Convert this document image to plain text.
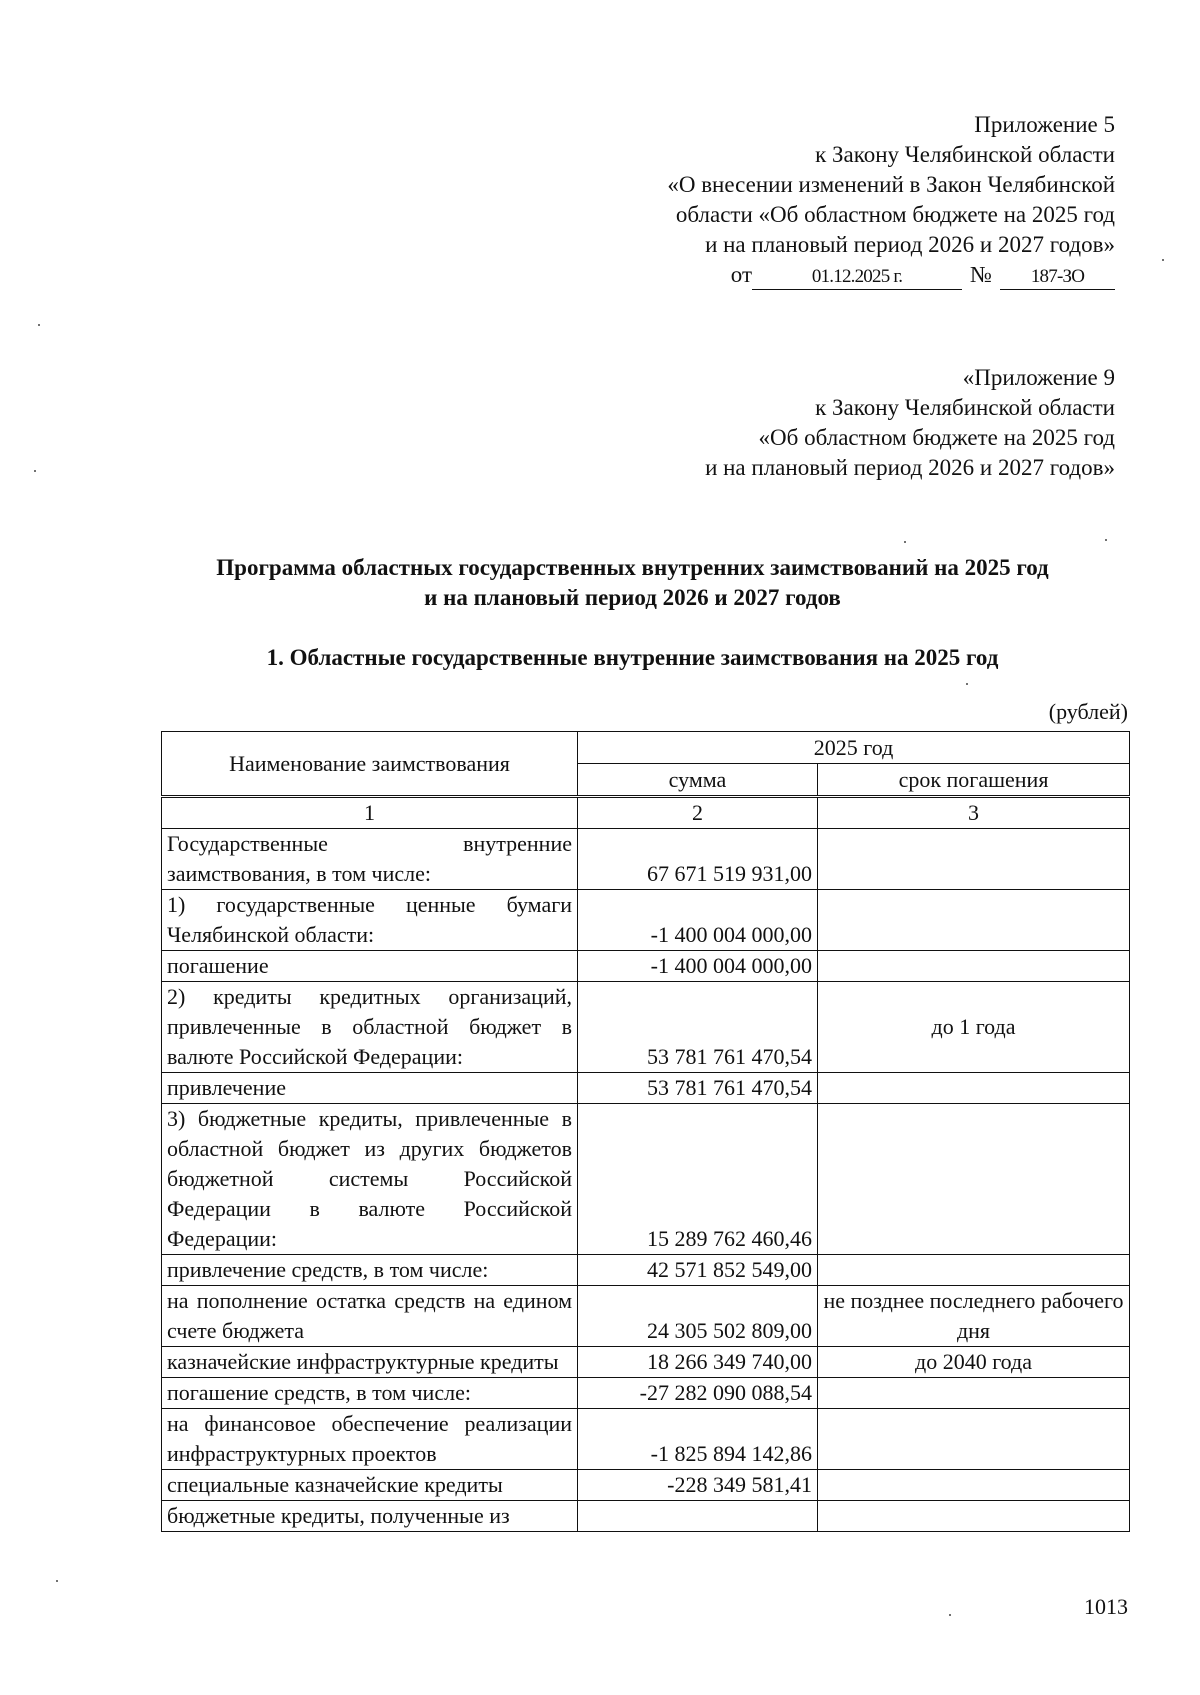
Приложение 5
к Закону Челябинской области
«О внесении изменений в Закон Челябинской
области «Об областном бюджете на 2025 год
и на плановый период 2026 и 2027 годов»
от	01.12.2025 г.	№	187-ЗО
«Приложение 9
к Закону Челябинской области
«Об областном бюджете на 2025 год
и на плановый период 2026 и 2027 годов»
Программа областных государственных внутренних заимствований на 2025 год
и на плановый период 2026 и 2027 годов
1. Областные государственные внутренние заимствования на 2025 год
(рублей)
Наименование заимствования	2025 год	
	сумма	срок погашения
1	2	3
Государственные внутренние заимствования, в том числе:	67 671 519 931,00	
1) государственные ценные бумаги Челябинской области:	-1 400 004 000,00	
погашение	-1 400 004 000,00	
2) кредиты кредитных организаций, привлеченные в областной бюджет в валюте Российской Федерации:	53 781 761 470,54	до 1 года
привлечение	53 781 761 470,54	
3) бюджетные кредиты, привлеченные в областной бюджет из других бюджетов бюджетной системы Российской Федерации в валюте Российской Федерации:	15 289 762 460,46	
привлечение средств, в том числе:	42 571 852 549,00	
на пополнение остатка средств на едином счете бюджета	24 305 502 809,00	не позднее последнего рабочего дня
казначейские инфраструктурные кредиты	18 266 349 740,00	до 2040 года
погашение средств, в том числе:	-27 282 090 088,54	
на финансовое обеспечение реализации инфраструктурных проектов	-1 825 894 142,86	
специальные казначейские кредиты	-228 349 581,41	
бюджетные кредиты, полученные из		
1013
